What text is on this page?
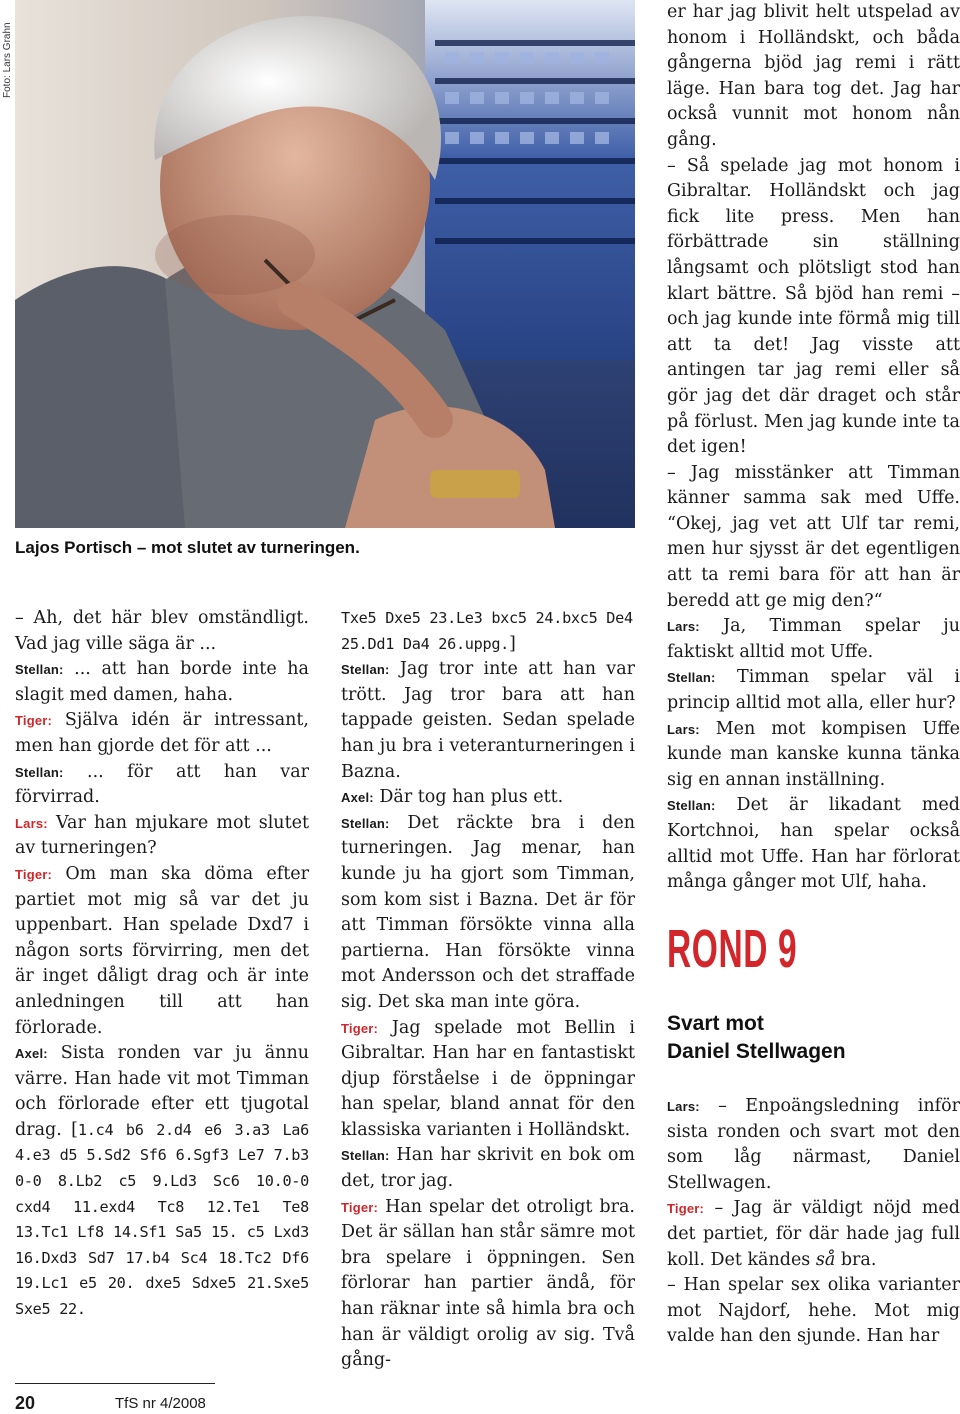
Foto: Lars Grahn
Lajos Portisch – mot slutet av turneringen.

– Ah, det här blev omständligt. Vad jag ville säga är ...

Stellan: ... att han borde inte ha slagit med damen, haha.

Tiger: Själva idén är intressant, men han gjorde det för att ...

Stellan: ... för att han var förvirrad.

Lars: Var han mjukare mot slutet av turneringen?

Tiger: Om man ska döma efter partiet mot mig så var det ju uppenbart. Han spelade Dxd7 i någon sorts förvirring, men det är inget dåligt drag och är inte anledningen till att han förlorade.

Axel: Sista ronden var ju ännu värre. Han hade vit mot Timman och förlorade efter ett tjugotal drag. [1.c4 b6 2.d4 e6 3.a3 La6 4.e3 d5 5.Sd2 Sf6 6.Sgf3 Le7 7.b3 0-0 8.Lb2 c5 9.Ld3 Sc6 10.0-0 cxd4 11.exd4 Tc8 12.Te1 Te8 13.Tc1 Lf8 14.Sf1 Sa5 15. c5 Lxd3 16.Dxd3 Sd7 17.b4 Sc4 18.Tc2 Df6 19.Lc1 e5 20. dxe5 Sdxe5 21.Sxe5 Sxe5 22.

Txe5 Dxe5 23.Le3 bxc5 24.bxc5 De4 25.Dd1 Da4 26.uppg.]

Stellan: Jag tror inte att han var trött. Jag tror bara att han tappade geisten. Sedan spelade han ju bra i veteranturneringen i Bazna.

Axel: Där tog han plus ett.

Stellan: Det räckte bra i den turneringen. Jag menar, han kunde ju ha gjort som Timman, som kom sist i Bazna. Det är för att Timman försökte vinna alla partierna. Han försökte vinna mot Andersson och det straffade sig. Det ska man inte göra.

Tiger: Jag spelade mot Bellin i Gibraltar. Han har en fantastiskt djup förståelse i de öppningar han spelar, bland annat för den klassiska varianten i Holländskt.

Stellan: Han har skrivit en bok om det, tror jag.

Tiger: Han spelar det otroligt bra. Det är sällan han står sämre mot bra spelare i öppningen. Sen förlorar han partier ändå, för han räknar inte så himla bra och han är väldigt orolig av sig. Två gång-

er har jag blivit helt utspelad av honom i Holländskt, och båda gångerna bjöd jag remi i rätt läge. Han bara tog det. Jag har också vunnit mot honom nån gång.

– Så spelade jag mot honom i Gibraltar. Holländskt och jag fick lite press. Men han förbättrade sin ställning långsamt och plötsligt stod han klart bättre. Så bjöd han remi – och jag kunde inte förmå mig till att ta det! Jag visste att antingen tar jag remi eller så gör jag det där draget och står på förlust. Men jag kunde inte ta det igen!

– Jag misstänker att Timman känner samma sak med Uffe. “Okej, jag vet att Ulf tar remi, men hur sjysst är det egentligen att ta remi bara för att han är beredd att ge mig den?“

Lars: Ja, Timman spelar ju faktiskt alltid mot Uffe.

Stellan: Timman spelar väl i princip alltid mot alla, eller hur?

Lars: Men mot kompisen Uffe kunde man kanske kunna tänka sig en annan inställning.

Stellan: Det är likadant med Kortchnoi, han spelar också alltid mot Uffe. Han har förlorat många gånger mot Ulf, haha.

ROND 9
Svart mot
Daniel Stellwagen

Lars: – Enpoängsledning inför sista ronden och svart mot den som låg närmast, Daniel Stellwagen.

Tiger: – Jag är väldigt nöjd med det partiet, för där hade jag full koll. Det kändes så bra.

– Han spelar sex olika varianter mot Najdorf, hehe. Mot mig valde han den sjunde. Han har

20	TfS nr 4/2008
